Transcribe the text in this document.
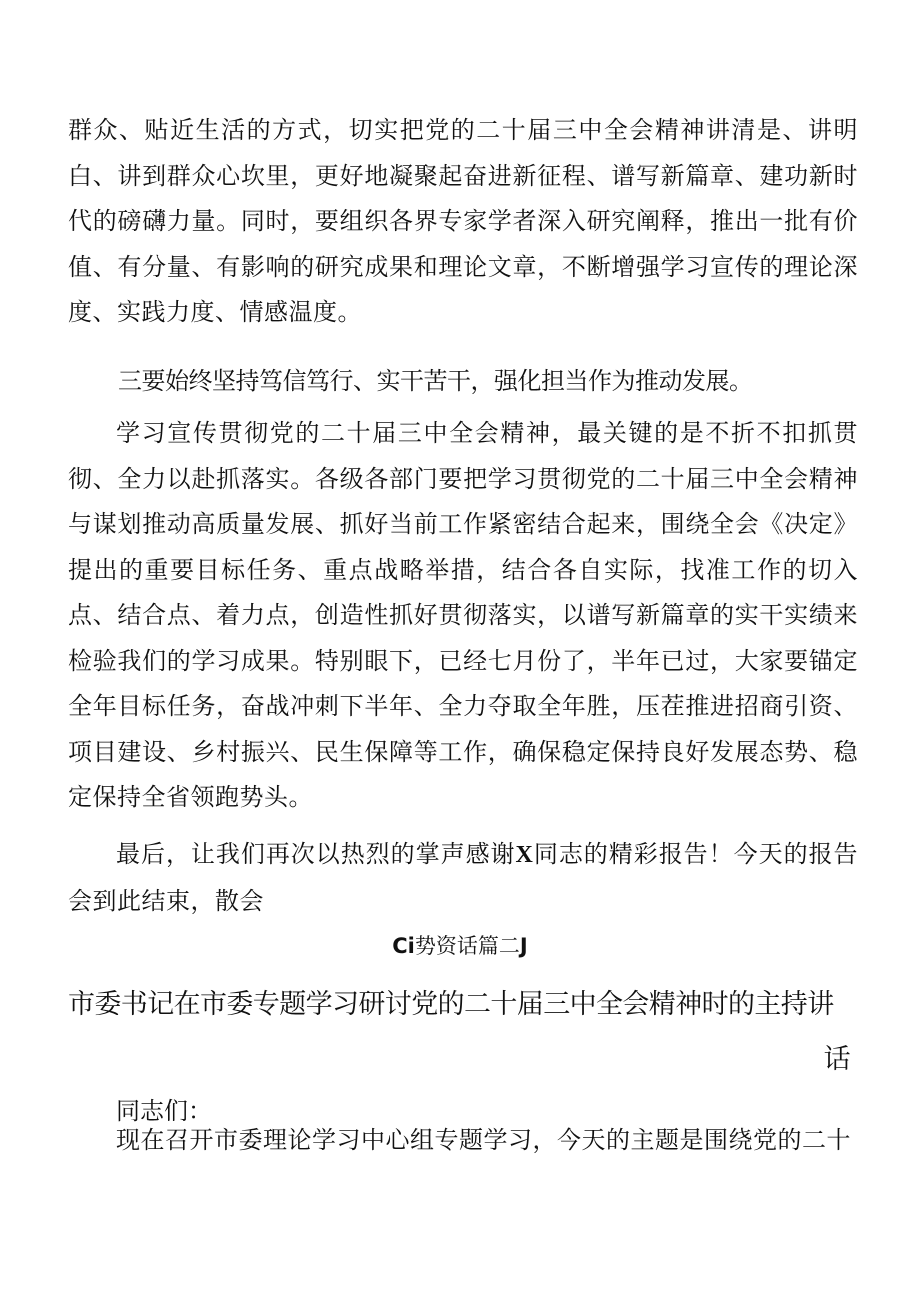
群众、贴近生活的方式，切实把党的二十届三中全会精神讲清是、讲明白、讲到群众心坎里，更好地凝聚起奋进新征程、谱写新篇章、建功新时代的磅礴力量。同时，要组织各界专家学者深入研究阐释，推出一批有价值、有分量、有影响的研究成果和理论文章，不断增强学习宣传的理论深度、实践力度、情感温度。

三要始终坚持笃信笃行、实干苦干，强化担当作为推动发展。

学习宣传贯彻党的二十届三中全会精神，最关键的是不折不扣抓贯彻、全力以赴抓落实。各级各部门要把学习贯彻党的二十届三中全会精神与谋划推动高质量发展、抓好当前工作紧密结合起来，围绕全会《决定》提出的重要目标任务、重点战略举措，结合各自实际，找准工作的切入点、结合点、着力点，创造性抓好贯彻落实，以谱写新篇章的实干实绩来检验我们的学习成果。特别眼下，已经七月份了，半年已过，大家要锚定全年目标任务，奋战冲刺下半年、全力夺取全年胜，压茬推进招商引资、项目建设、乡村振兴、民生保障等工作，确保稳定保持良好发展态势、稳定保持全省领跑势头。

最后，让我们再次以热烈的掌声感谢X同志的精彩报告！今天的报告会到此结束，散会

Ci势资话篇二J

市委书记在市委专题学习研讨党的二十届三中全会精神时的主持讲
话

同志们：

现在召开市委理论学习中心组专题学习，今天的主题是围绕党的二十
